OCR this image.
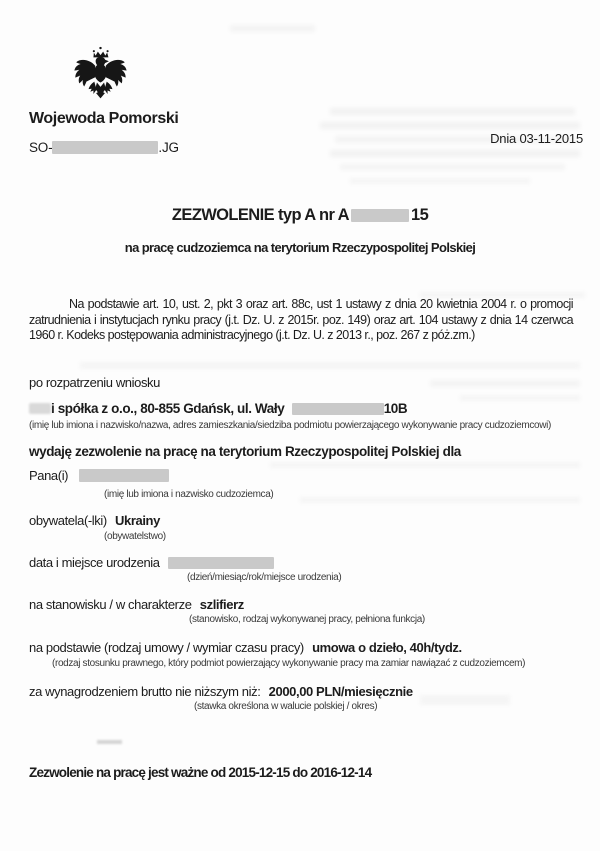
Wojewoda Pomorski
Dnia 03-11-2015
SO-	.JG
ZEZWOLENIE typ A nr A	15
na pracę cudzoziemca na terytorium Rzeczypospolitej Polskiej
Na podstawie art. 10, ust. 2, pkt 3 oraz art. 88c, ust 1 ustawy z dnia 20 kwietnia 2004 r. o promocji zatrudnienia i instytucjach rynku pracy (j.t. Dz. U. z 2015r. poz. 149) oraz art. 104 ustawy z dnia 14 czerwca 1960 r. Kodeks postępowania administracyjnego (j.t. Dz. U. z 2013 r., poz. 267 z póż.zm.)
po rozpatrzeniu wniosku
i spółka z o.o., 80-855 Gdańsk, ul. Wały	10B
(imię lub imiona i nazwisko/nazwa, adres zamieszkania/siedziba podmiotu powierzającego wykonywanie pracy cudzoziemcowi)
wydaję zezwolenie na pracę na terytorium Rzeczypospolitej Polskiej dla
Pana(i)
(imię lub imiona i nazwisko cudzoziemca)
obywatela(-lki) Ukrainy
(obywatelstwo)
data i miejsce urodzenia
(dzień/miesiąc/rok/miejsce urodzenia)
na stanowisku / w charakterze szlifierz
(stanowisko, rodzaj wykonywanej pracy, pełniona funkcja)
na podstawie (rodzaj umowy / wymiar czasu pracy) umowa o dzieło, 40h/tydz.
(rodzaj stosunku prawnego, który podmiot powierzający wykonywanie pracy ma zamiar nawiązać z cudzoziemcem)
za wynagrodzeniem brutto nie niższym niż: 2000,00 PLN/miesięcznie
(stawka określona w walucie polskiej / okres)
Zezwolenie na pracę jest ważne od 2015-12-15 do 2016-12-14
